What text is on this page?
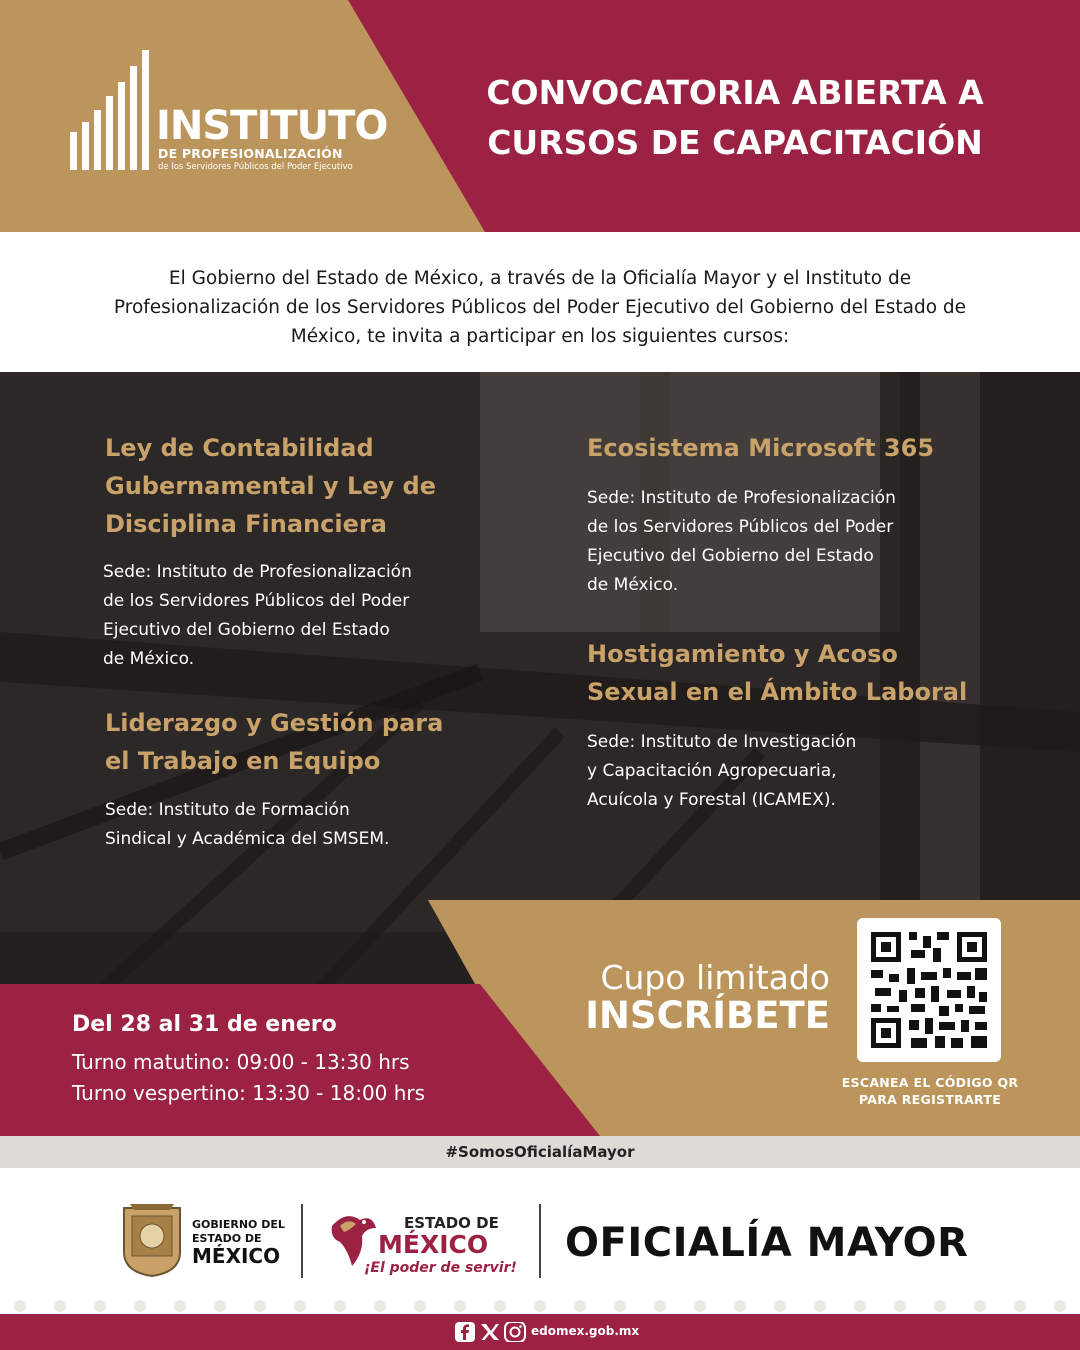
INSTITUTO
DE PROFESIONALIZACIÓN
de los Servidores Públicos del Poder Ejecutivo
CONVOCATORIA ABIERTA A
CURSOS DE CAPACITACIÓN

El Gobierno del Estado de México, a través de la Oficialía Mayor y el Instituto de Profesionalización de los Servidores Públicos del Poder Ejecutivo del Gobierno del Estado de México, te invita a participar en los siguientes cursos:

Ley de Contabilidad
Gubernamental y Ley de
Disciplina Financiera
Sede: Instituto de Profesionalización
de los Servidores Públicos del Poder
Ejecutivo del Gobierno del Estado
de México.
Liderazgo y Gestión para
el Trabajo en Equipo
Sede: Instituto de Formación
Sindical y Académica del SMSEM.
Ecosistema Microsoft 365
Sede: Instituto de Profesionalización
de los Servidores Públicos del Poder
Ejecutivo del Gobierno del Estado
de México.
Hostigamiento y Acoso
Sexual en el Ámbito Laboral
Sede: Instituto de Investigación
y Capacitación Agropecuaria,
Acuícola y Forestal (ICAMEX).
Cupo limitado
INSCRÍBETE
ESCANEA EL CÓDIGO QR
PARA REGISTRARTE
Del 28 al 31 de enero
Turno matutino: 09:00 - 13:30 hrs
Turno vespertino: 13:30 - 18:00 hrs
#SomosOficialíaMayor
GOBIERNO DEL
ESTADO DE
MÉXICO
ESTADO DE
MÉXICO
¡El poder de servir!
OFICIALÍA MAYOR
edomex.gob.mx
